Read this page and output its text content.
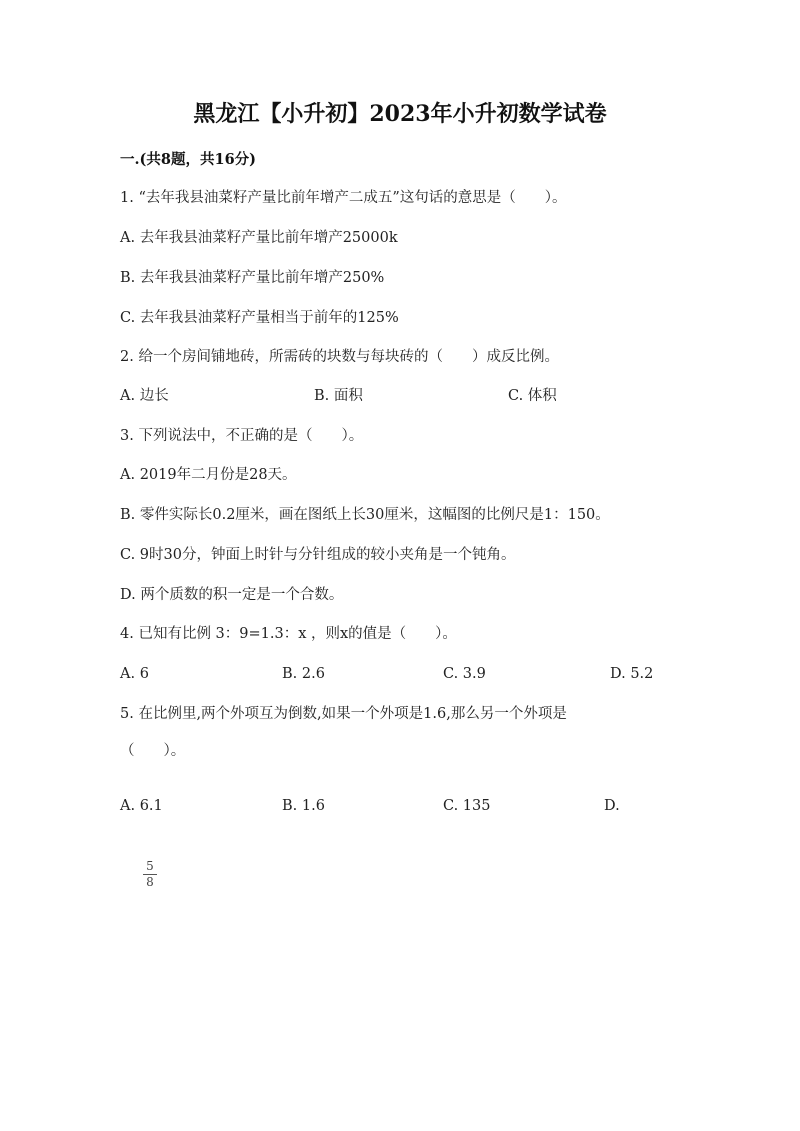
黑龙江【小升初】2023年小升初数学试卷
一.(共8题，共16分)
1. “去年我县油菜籽产量比前年增产二成五”这句话的意思是（　　）。
A. 去年我县油菜籽产量比前年增产25000k
B. 去年我县油菜籽产量比前年增产250%
C. 去年我县油菜籽产量相当于前年的125%
2. 给一个房间铺地砖，所需砖的块数与每块砖的（　　）成反比例。
A. 边长	B. 面积	C. 体积
3. 下列说法中，不正确的是（　　）。
A. 2019年二月份是28天。
B. 零件实际长0.2厘米，画在图纸上长30厘米，这幅图的比例尺是1：150。
C. 9时30分，钟面上时针与分针组成的较小夹角是一个钝角。
D. 两个质数的积一定是一个合数。
4. 已知有比例 3：9=1.3：x ，则x的值是（　　）。
A. 6	B. 2.6	C. 3.9	D. 5.2
5. 在比例里,两个外项互为倒数,如果一个外项是1.6,那么另一个外项是
（　　）。
A. 6.1	B. 1.6	C. 135	D.
5
8
